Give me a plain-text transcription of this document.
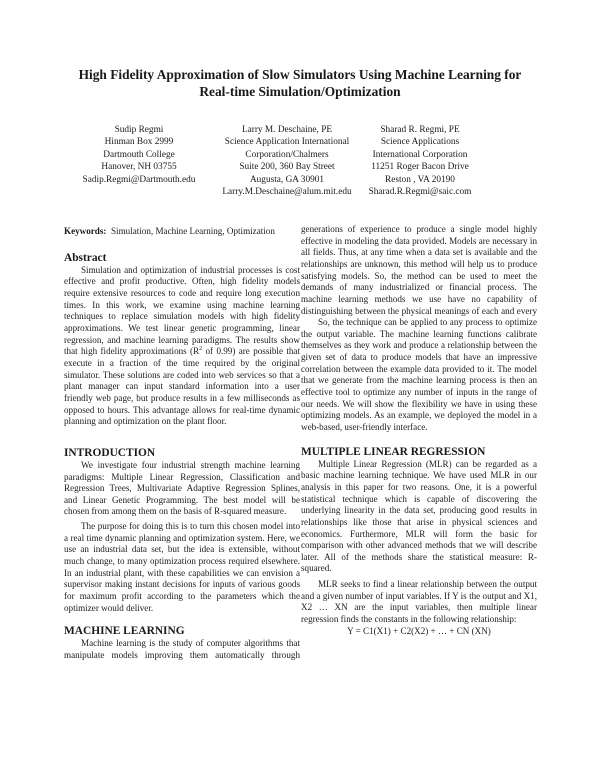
High Fidelity Approximation of Slow Simulators Using Machine Learning for
Real-time Simulation/Optimization
Sudip Regmi
Hinman Box 2999
Dartmouth College
Hanover, NH 03755
Sadip.Regmi@Dartmouth.edu
Larry M. Deschaine, PE
Science Application International
Corporation/Chalmers
Suite 200, 360 Bay Street
Augusta, GA 30901
Larry.M.Deschaine@alum.mit.edu
Sharad R. Regmi, PE
Science Applications
International Corporation
11251 Roger Bacon Drive
Reston , VA 20190
Sharad.R.Regmi@saic.com

Keywords: Simulation, Machine Learning, Optimization

Abstract

Simulation and optimization of industrial processes is cost effective and profit productive. Often, high fidelity models require extensive resources to code and require long execution times. In this work, we examine using machine learning techniques to replace simulation models with high fidelity approximations. We test linear genetic programming, linear regression, and machine learning paradigms. The results show that high fidelity approximations ($R^2$ of 0.99) are possible that execute in a fraction of the time required by the original simulator. These solutions are coded into web services so that a plant manager can input standard information into a user friendly web page, but produce results in a few milliseconds as opposed to hours. This advantage allows for real-time dynamic planning and optimization on the plant floor.

INTRODUCTION

We investigate four industrial strength machine learning paradigms: Multiple Linear Regression, Classification and Regression Trees, Multivariate Adaptive Regression Splines, and Linear Genetic Programming. The best model will be chosen from among them on the basis of R-squared measure.

The purpose for doing this is to turn this chosen model into a real time dynamic planning and optimization system. Here, we use an industrial data set, but the idea is extensible, without much change, to many optimization process required elsewhere. In an industrial plant, with these capabilities we can envision a supervisor making instant decisions for inputs of various goods for maximum profit according to the parameters which the optimizer would deliver.

MACHINE LEARNING

Machine learning is the study of computer algorithms that manipulate models improving them automatically through

generations of experience to produce a single model highly effective in modeling the data provided. Models are necessary in all fields. Thus, at any time when a data set is available and the relationships are unknown, this method will help us to produce satisfying models. So, the method can be used to meet the demands of many industrialized or financial process. The machine learning methods we use have no capability of distinguishing between the physical meanings of each and every

So, the technique can be applied to any process to optimize the output variable. The machine learning functions calibrate themselves as they work and produce a relationship between the given set of data to produce models that have an impressive correlation between the example data provided to it. The model that we generate from the machine learning process is then an effective tool to optimize any number of inputs in the range of our needs. We will show the flexibility we have in using these optimizing models. As an example, we deployed the model in a web-based, user-friendly interface.

MULTIPLE LINEAR REGRESSION

Multiple Linear Regression (MLR) can be regarded as a basic machine learning technique. We have used MLR in our analysis in this paper for two reasons. One, it is a powerful statistical technique which is capable of discovering the underlying linearity in the data set, producing good results in relationships like those that arise in physical sciences and economics. Furthermore, MLR will form the basic for comparison with other advanced methods that we will describe later. All of the methods share the statistical measure: R-squared.

MLR seeks to find a linear relationship between the output and a given number of input variables. If Y is the output and X1, X2 … XN are the input variables, then multiple linear regression finds the constants in the following relationship:

Y = C1(X1) + C2(X2) + … + CN (XN)
